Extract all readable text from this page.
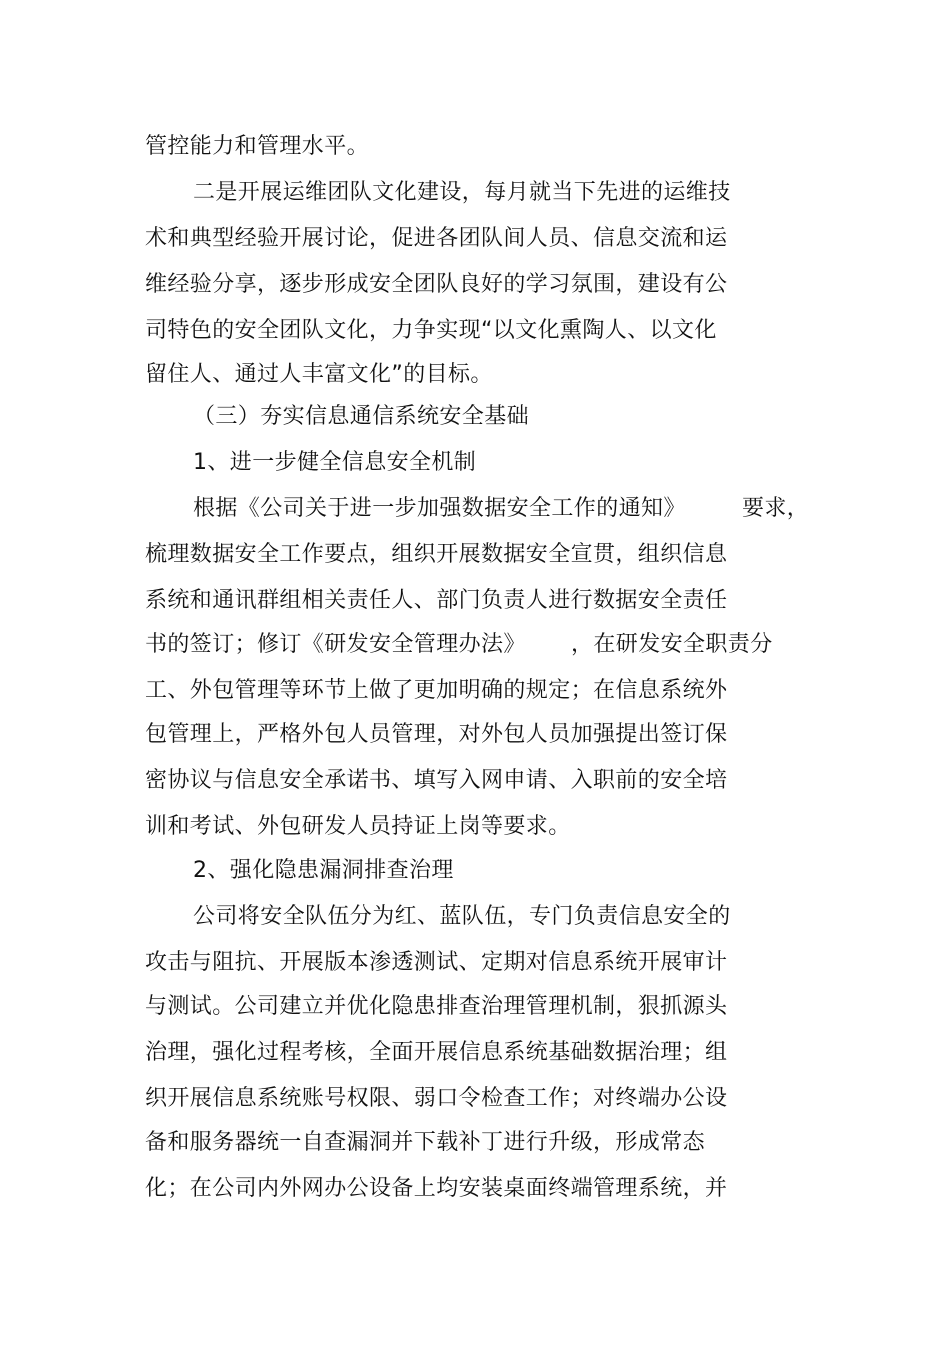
管控能力和管理水平。
二是开展运维团队文化建设，每月就当下先进的运维技
术和典型经验开展讨论，促进各团队间人员、信息交流和运
维经验分享，逐步形成安全团队良好的学习氛围，建设有公
司特色的安全团队文化，力争实现“以文化熏陶人、以文化
留住人、通过人丰富文化”的目标。
（三）夯实信息通信系统安全基础
1、进一步健全信息安全机制
根据《公司关于进一步加强数据安全工作的通知》	要求，
梳理数据安全工作要点，组织开展数据安全宣贯，组织信息
系统和通讯群组相关责任人、部门负责人进行数据安全责任
书的签订；修订《研发安全管理办法》 ，在研发安全职责分
工、外包管理等环节上做了更加明确的规定；在信息系统外
包管理上，严格外包人员管理，对外包人员加强提出签订保
密协议与信息安全承诺书、填写入网申请、入职前的安全培
训和考试、外包研发人员持证上岗等要求。
2、强化隐患漏洞排查治理
公司将安全队伍分为红、蓝队伍，专门负责信息安全的
攻击与阻抗、开展版本渗透测试、定期对信息系统开展审计
与测试。公司建立并优化隐患排查治理管理机制，狠抓源头
治理，强化过程考核，全面开展信息系统基础数据治理；组
织开展信息系统账号权限、弱口令检查工作；对终端办公设
备和服务器统一自查漏洞并下载补丁进行升级，形成常态
化；在公司内外网办公设备上均安装桌面终端管理系统，并
